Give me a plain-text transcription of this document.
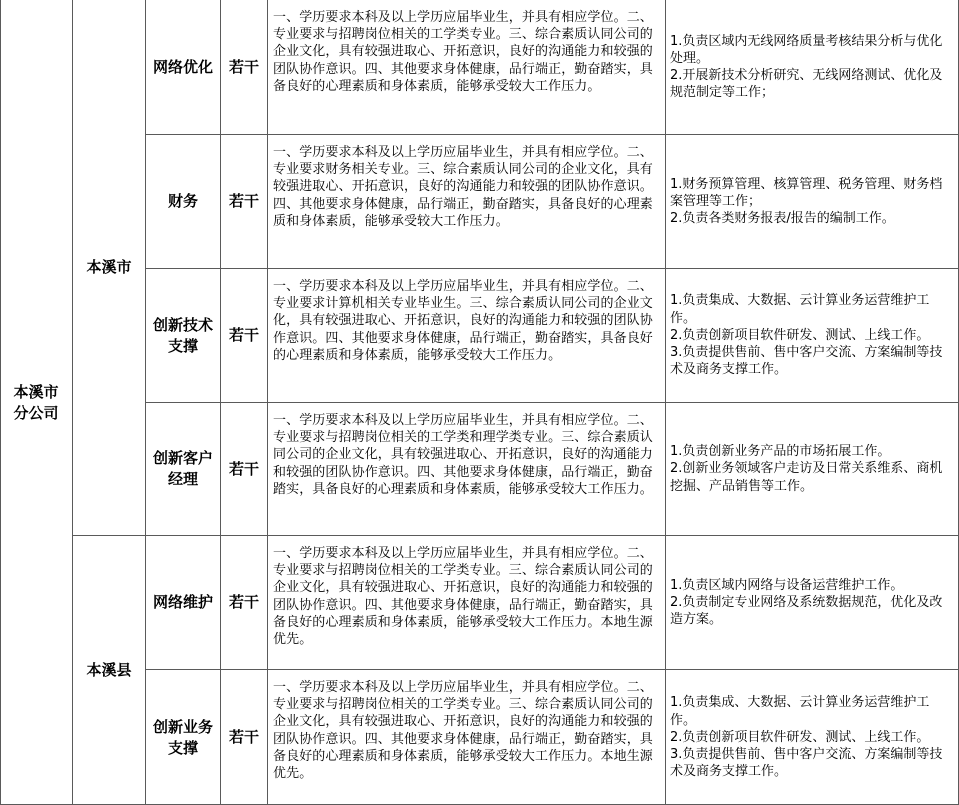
本溪市
分公司
本溪市
本溪县
网络优化 若干

一、学历要求本科及以上学历应届毕业生，并具有相应学位。二、专业要求与招聘岗位相关的工学类专业。三、综合素质认同公司的企业文化，具有较强进取心、开拓意识，良好的沟通能力和较强的团队协作意识。四、其他要求身体健康，品行端正，勤奋踏实，具备良好的心理素质和身体素质，能够承受较大工作压力。

1.负责区域内无线网络质量考核结果分析与优化处理。

2.开展新技术分析研究、无线网络测试、优化及规范制定等工作；

财务 若干

一、学历要求本科及以上学历应届毕业生，并具有相应学位。二、专业要求财务相关专业。三、综合素质认同公司的企业文化，具有较强进取心、开拓意识，良好的沟通能力和较强的团队协作意识。四、其他要求身体健康，品行端正，勤奋踏实，具备良好的心理素质和身体素质，能够承受较大工作压力。

1.财务预算管理、核算管理、税务管理、财务档案管理等工作；

2.负责各类财务报表/报告的编制工作。

创新技术
支撑
若干

一、学历要求本科及以上学历应届毕业生，并具有相应学位。二、专业要求计算机相关专业毕业生。三、综合素质认同公司的企业文化，具有较强进取心、开拓意识，良好的沟通能力和较强的团队协作意识。四、其他要求身体健康，品行端正，勤奋踏实，具备良好的心理素质和身体素质，能够承受较大工作压力。

1.负责集成、大数据、云计算业务运营维护工作。

2.负责创新项目软件研发、测试、上线工作。

3.负责提供售前、售中客户交流、方案编制等技术及商务支撑工作。

创新客户
经理
若干

一、学历要求本科及以上学历应届毕业生，并具有相应学位。二、专业要求与招聘岗位相关的工学类和理学类专业。三、综合素质认同公司的企业文化，具有较强进取心、开拓意识，良好的沟通能力和较强的团队协作意识。四、其他要求身体健康，品行端正，勤奋踏实，具备良好的心理素质和身体素质，能够承受较大工作压力。

1.负责创新业务产品的市场拓展工作。

2.创新业务领域客户走访及日常关系维系、商机挖掘、产品销售等工作。

网络维护 若干

一、学历要求本科及以上学历应届毕业生，并具有相应学位。二、专业要求与招聘岗位相关的工学类专业。三、综合素质认同公司的企业文化，具有较强进取心、开拓意识，良好的沟通能力和较强的团队协作意识。四、其他要求身体健康，品行端正，勤奋踏实，具备良好的心理素质和身体素质，能够承受较大工作压力。本地生源优先。

1.负责区域内网络与设备运营维护工作。

2.负责制定专业网络及系统数据规范，优化及改造方案。

创新业务
支撑
若干

一、学历要求本科及以上学历应届毕业生，并具有相应学位。二、专业要求与招聘岗位相关的工学类专业。三、综合素质认同公司的企业文化，具有较强进取心、开拓意识，良好的沟通能力和较强的团队协作意识。四、其他要求身体健康，品行端正，勤奋踏实，具备良好的心理素质和身体素质，能够承受较大工作压力。本地生源优先。

1.负责集成、大数据、云计算业务运营维护工作。

2.负责创新项目软件研发、测试、上线工作。

3.负责提供售前、售中客户交流、方案编制等技术及商务支撑工作。
